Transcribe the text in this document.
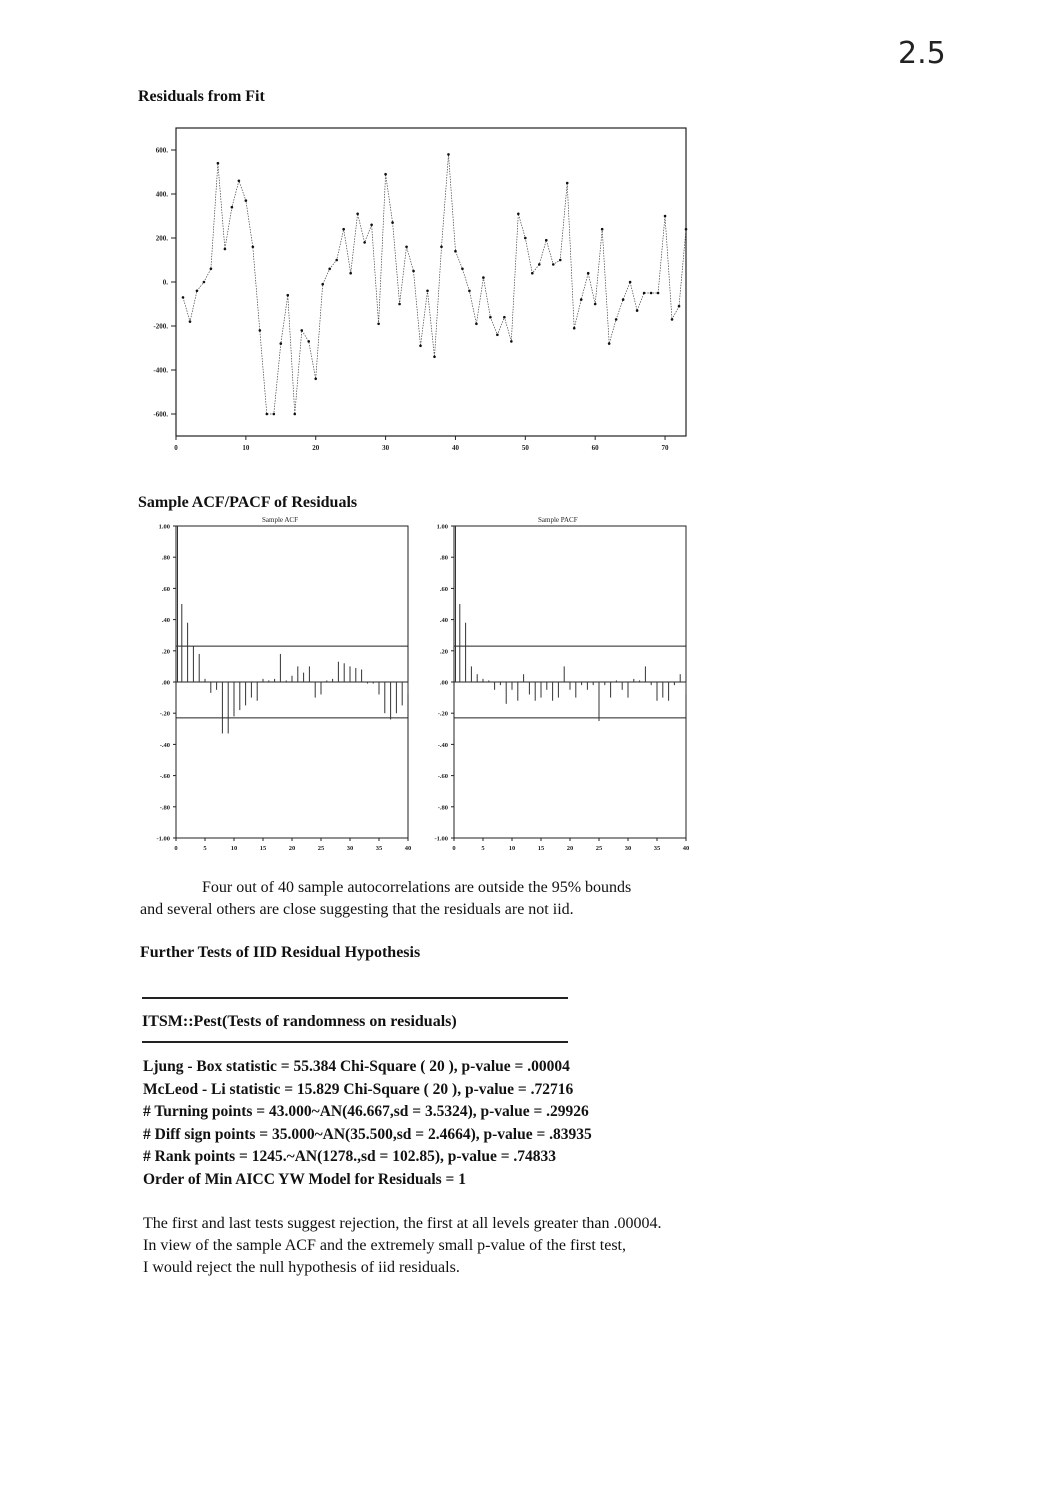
2.5
Residuals from Fit
600.
400.
200.
0.
-200.
-400.
-600.
0	10	20	30	40	50	60	70
Sample ACF/PACF of Residuals
Sample ACF	Sample PACF
1.00
.80
.60
.40
.20
.00
-.20
-.40
-.60
-.80
-1.00
0	5	10	15	20	25	30	35	40
1.00
.80
.60
.40
.20
.00
-.20
-.40
-.60
-.80
-1.00
0	5	10	15	20	25	30	35	40
Four out of 40 sample autocorrelations are outside the 95% bounds
and several others are close suggesting that the residuals are not iid.
Further Tests of IID Residual Hypothesis
ITSM::Pest(Tests of randomness on residuals)
Ljung - Box statistic = 55.384 Chi-Square ( 20 ), p-value = .00004
McLeod - Li statistic = 15.829 Chi-Square ( 20 ), p-value = .72716
# Turning points = 43.000~AN(46.667,sd = 3.5324), p-value = .29926
# Diff sign points = 35.000~AN(35.500,sd = 2.4664), p-value = .83935
# Rank points = 1245.~AN(1278.,sd = 102.85), p-value = .74833
Order of Min AICC YW Model for Residuals = 1
The first and last tests suggest rejection, the first at all levels greater than .00004.
In view of the sample ACF and the extremely small p-value of the first test,
I would reject the null hypothesis of iid residuals.
